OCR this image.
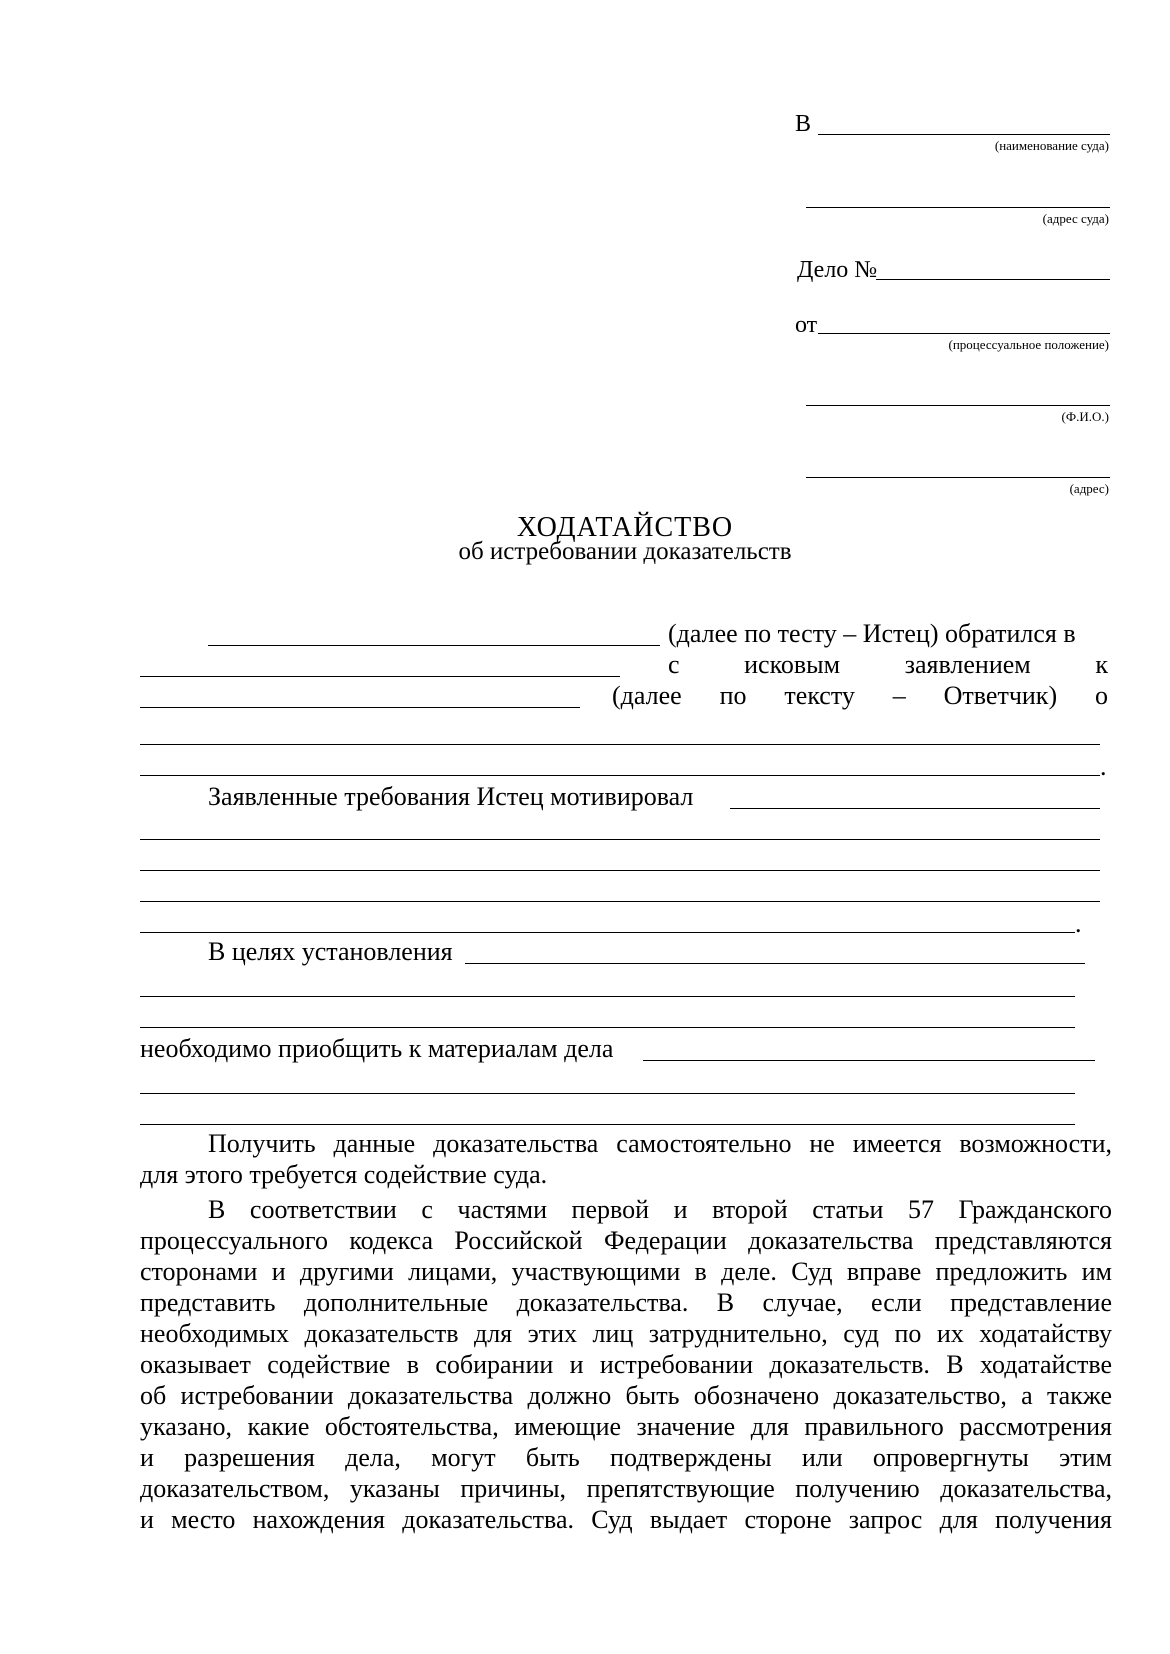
В
(наименование суда)
(адрес суда)
Дело №
от
(процессуальное положение)
(Ф.И.О.)
(адрес)
ХОДАТАЙСТВО
об истребовании доказательств
(далее по тесту – Истец) обратился в
с исковым заявлением к
(далее по тексту – Ответчик) о
.
Заявленные требования Истец мотивировал
.
В целях установления
необходимо приобщить к материалам дела
Получить данные доказательства самостоятельно не имеется возможности,
для этого требуется содействие суда.
В соответствии с частями первой и второй статьи 57 Гражданского
процессуального кодекса Российской Федерации доказательства представляются
сторонами и другими лицами, участвующими в деле. Суд вправе предложить им
представить дополнительные доказательства. В случае, если представление
необходимых доказательств для этих лиц затруднительно, суд по их ходатайству
оказывает содействие в собирании и истребовании доказательств. В ходатайстве
об истребовании доказательства должно быть обозначено доказательство, а также
указано, какие обстоятельства, имеющие значение для правильного рассмотрения
и разрешения дела, могут быть подтверждены или опровергнуты этим
доказательством, указаны причины, препятствующие получению доказательства,
и место нахождения доказательства. Суд выдает стороне запрос для получения
